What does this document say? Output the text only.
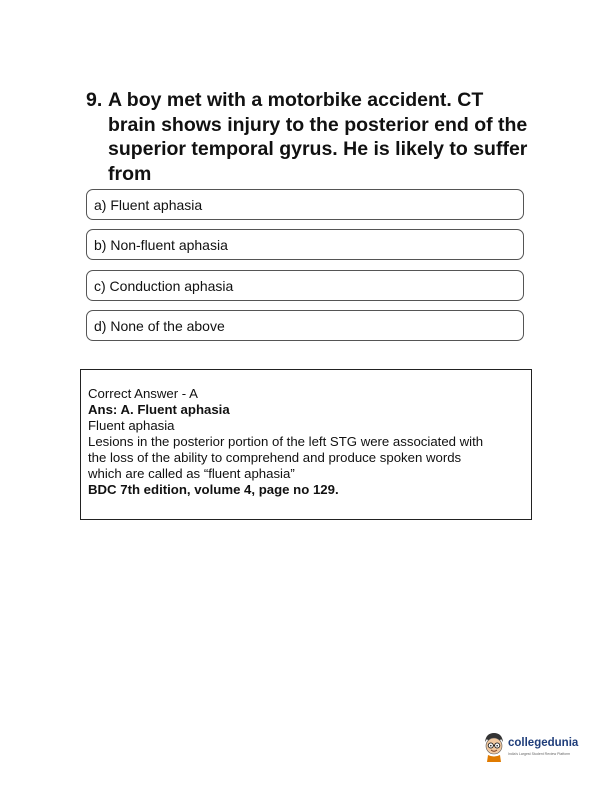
9. A boy met with a motorbike accident. CT brain shows injury to the posterior end of the superior temporal gyrus. He is likely to suffer from
a) Fluent aphasia
b) Non-fluent aphasia
c) Conduction aphasia
d) None of the above
Correct Answer - A
Ans: A. Fluent aphasia
Fluent aphasia
Lesions in the posterior portion of the left STG were associated with
the loss of the ability to comprehend and produce spoken words
which are called as “fluent aphasia”
BDC 7th edition, volume 4, page no 129.
collegedunia
India's Largest Student Review Platform
